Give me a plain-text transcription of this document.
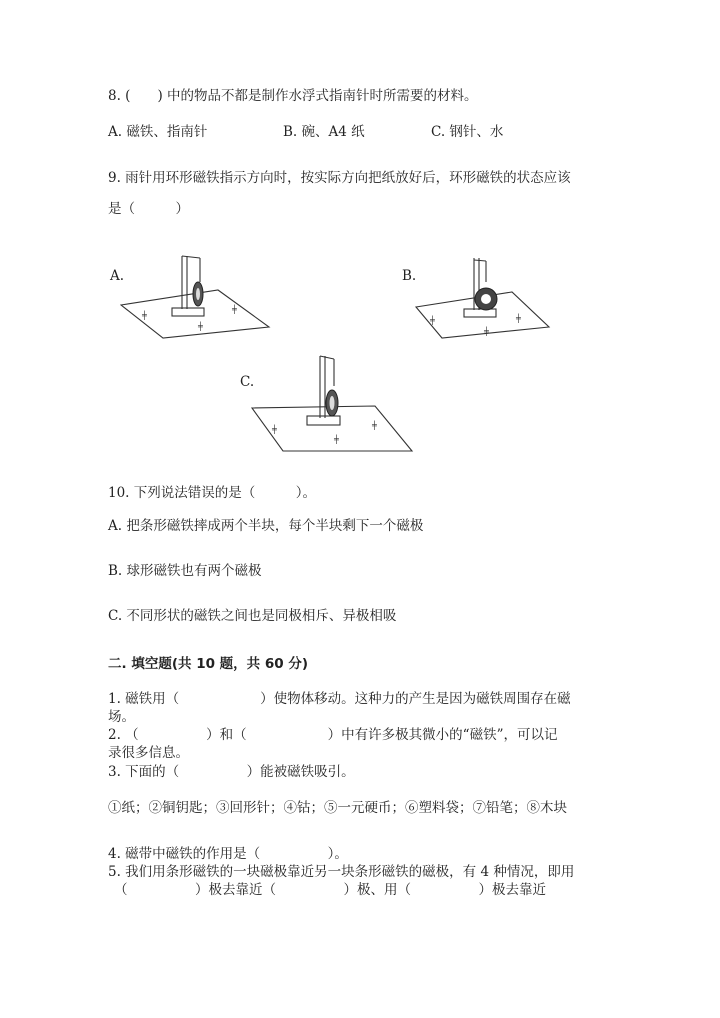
8. (　　) 中的物品不都是制作水浮式指南针时所需要的材料。
A. 磁铁、指南针	B. 碗、A4 纸	C. 钢针、水
9. 雨针用环形磁铁指示方向时，按实际方向把纸放好后，环形磁铁的状态应该
是（　　　）
A.	B.
C.
╪
╪
╪
╪	╪
╪
╪	╪
╪
10. 下列说法错误的是（　　　）。
A. 把条形磁铁摔成两个半块，每个半块剩下一个磁极
B. 球形磁铁也有两个磁极
C. 不同形状的磁铁之间也是同极相斥、异极相吸
二. 填空题(共 10 题，共 60 分)
1. 磁铁用（　　　　　　）使物体移动。这种力的产生是因为磁铁周围存在磁
场。
2. （　　　　　）和（　　　　　　）中有许多极其微小的“磁铁”，可以记
录很多信息。
3. 下面的（　　　　　）能被磁铁吸引。
①纸；②铜钥匙；③回形针；④钴；⑤一元硬币；⑥塑料袋；⑦铅笔；⑧木块
4. 磁带中磁铁的作用是（　　　　　）。
5. 我们用条形磁铁的一块磁极靠近另一块条形磁铁的磁极，有 4 种情况，即用
（　　　　　）极去靠近（　　　　　）极、用（　　　　　）极去靠近
